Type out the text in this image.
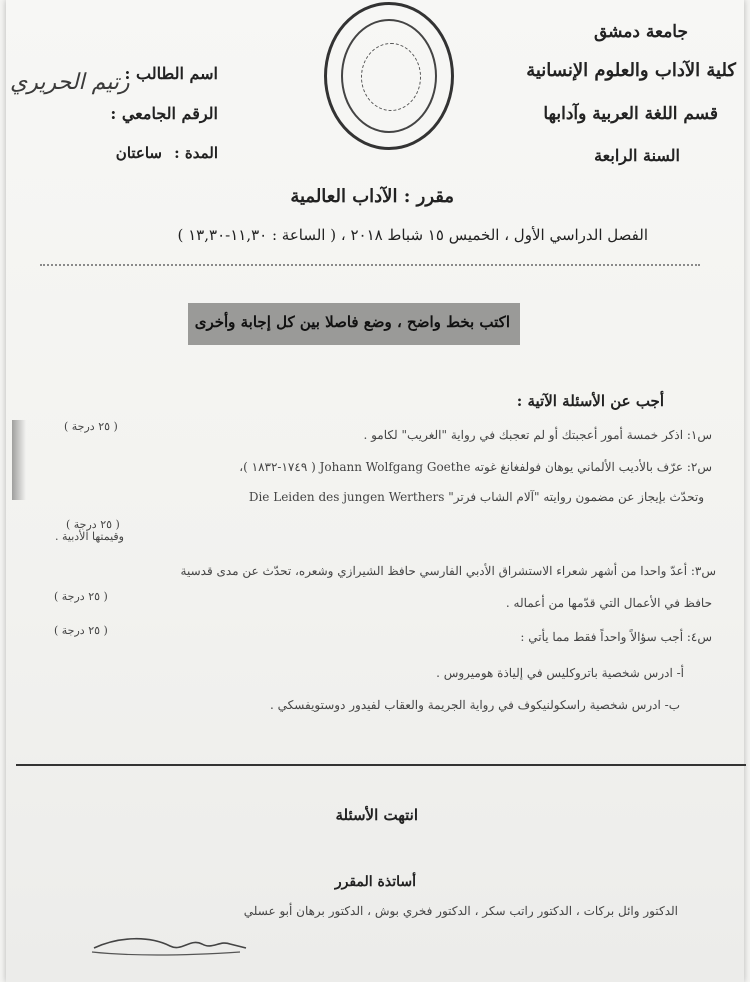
جامعة دمشق
كلية الآداب والعلوم الإنسانية
قسم اللغة العربية وآدابها
السنة الرابعة
اسم الطالب :
رتيم الحريري
الرقم الجامعي :
المدة :
ساعتان
مقرر : الآداب العالمية
الفصل الدراسي الأول ، الخميس ١٥ شباط ٢٠١٨ ، ( الساعة : ١١,٣٠-١٣,٣٠ )
اكتب بخط واضح ، وضع فاصلا بين كل إجابة وأخرى
أجب عن الأسئلة الآتية :
س١: اذكر خمسة أمور أعجبتك أو لم تعجبك في رواية "الغريب" لكامو .
( ٢٥ درجة )
س٢: عرّف بالأديب الألماني يوهان فولفغانغ غوته Johann Wolfgang Goethe ( ١٧٤٩-١٨٣٢ )،
وتحدّث بإيجاز عن مضمون روايته "آلام الشاب فرتر" Die Leiden des jungen Werthers
وقيمتها الأدبية .
( ٢٥ درجة )
س٣: أعدّ واحدا من أشهر شعراء الاستشراق الأدبي الفارسي حافظ الشيرازي وشعره، تحدّث عن مدى قدسية
حافظ في الأعمال التي قدّمها من أعماله .
( ٢٥ درجة )
س٤: أجب سؤالاً واحداً فقط مما يأتي :
( ٢٥ درجة )
أ- ادرس شخصية باتروكليس في إلياذة هوميروس .
ب- ادرس شخصية راسكولنيكوف في رواية الجريمة والعقاب لفيدور دوستويفسكي .
انتهت الأسئلة
أساتذة المقرر
الدكتور وائل بركات ، الدكتور راتب سكر ، الدكتور فخري بوش ، الدكتور برهان أبو عسلي
